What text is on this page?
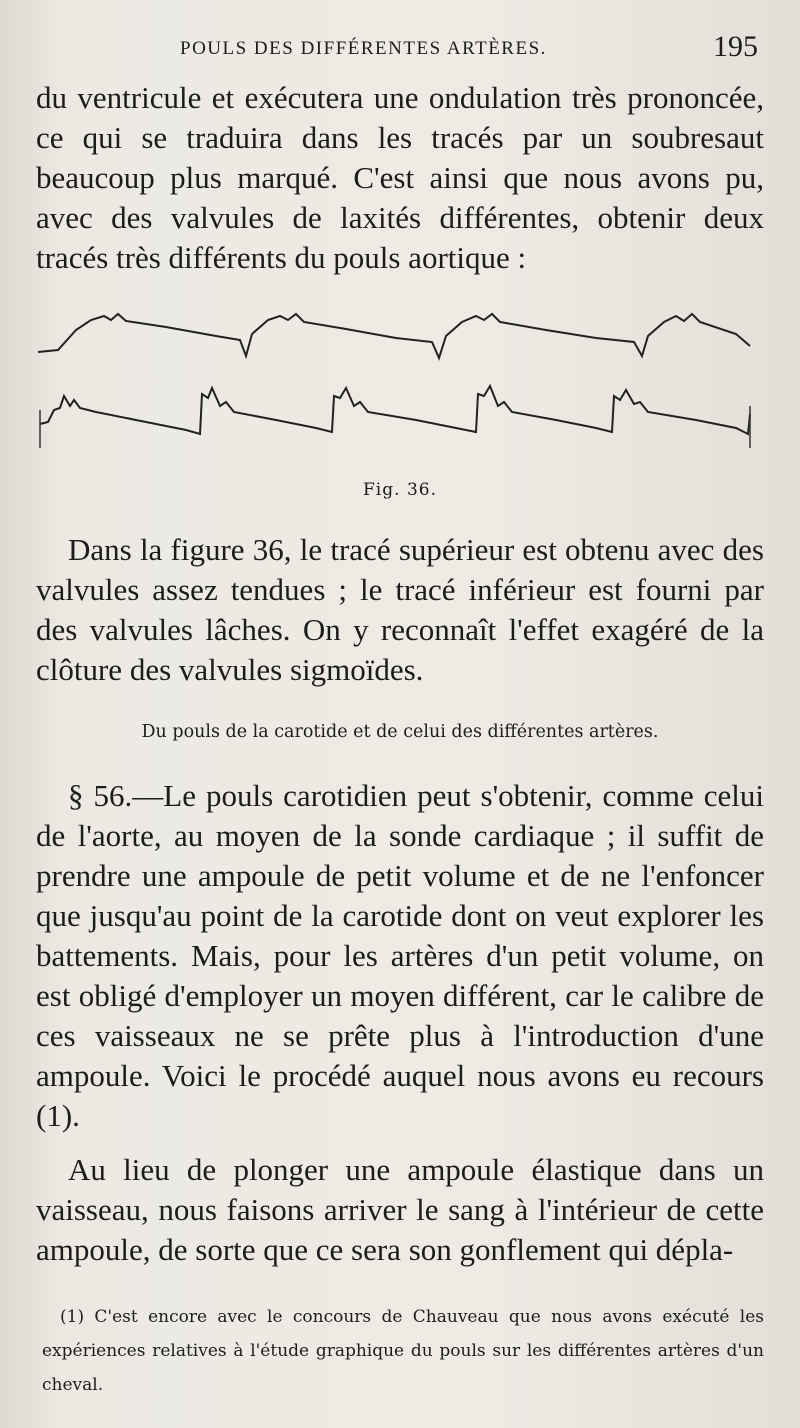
POULS DES DIFFÉRENTES ARTÈRES.	195

du ventricule et exécutera une ondulation très prononcée, ce qui se traduira dans les tracés par un soubresaut beaucoup plus marqué. C'est ainsi que nous avons pu, avec des valvules de laxités différentes, obtenir deux tracés très différents du pouls aortique :

Fig. 36.

Dans la figure 36, le tracé supérieur est obtenu avec des valvules assez tendues ; le tracé inférieur est fourni par des valvules lâches. On y reconnaît l'effet exagéré de la clôture des valvules sigmoïdes.

Du pouls de la carotide et de celui des différentes artères.

§ 56.—Le pouls carotidien peut s'obtenir, comme celui de l'aorte, au moyen de la sonde cardiaque ; il suffit de prendre une ampoule de petit volume et de ne l'enfoncer que jusqu'au point de la carotide dont on veut explorer les battements. Mais, pour les artères d'un petit volume, on est obligé d'employer un moyen différent, car le calibre de ces vaisseaux ne se prête plus à l'introduction d'une ampoule. Voici le procédé auquel nous avons eu recours (1).

Au lieu de plonger une ampoule élastique dans un vaisseau, nous faisons arriver le sang à l'intérieur de cette ampoule, de sorte que ce sera son gonflement qui dépla-

(1) C'est encore avec le concours de Chauveau que nous avons exécuté les expériences relatives à l'étude graphique du pouls sur les différentes artères d'un cheval.
